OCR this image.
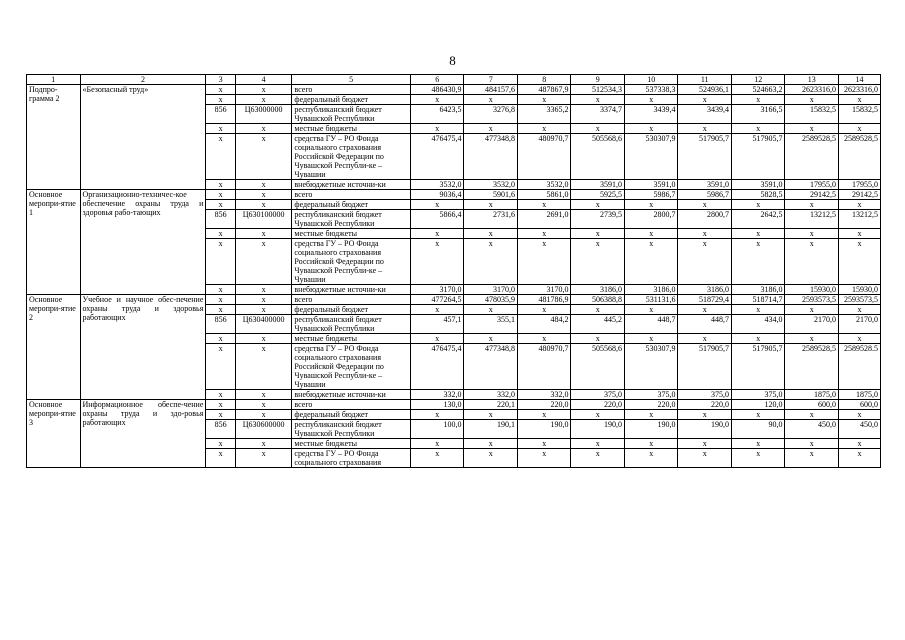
8
1	2	3	4	5	6	7	8	9	10	11	12	13	14
Подпро-грамма 2	«Безопасный труд»	х	х	всего	486430,9	484157,6	487867,9	512534,3	537338,3	524936,1	524663,2	2623316,0	2623316,0
		х	х	федеральный бюджет	х	х	х	х	х	х	х	х	х
		856	Ц63000000	республиканский бюджет Чувашской Республики	6423,5	3276,8	3365,2	3374,7	3439,4	3439,4	3166,5	15832,5	15832,5
		х	х	местные бюджеты	х	х	х	х	х	х	х	х	х
		х	х	средства ГУ – РО Фонда социального страхования Российской Федерации по Чувашской Республи-ке – Чувашии	476475,4	477348,8	480970,7	505568,6	530307,9	517905,7	517905,7	2589528,5	2589528,5
		х	х	внебюджетные источни-ки	3532,0	3532,0	3532,0	3591,0	3591,0	3591,0	3591,0	17955,0	17955,0
Основное меропри-ятие 1	Организационно-техничес-кое обеспечение охраны труда и здоровья рабо-тающих	х	х	всего	9036,4	5901,6	5861,0	5925,5	5986,7	5986,7	5828,5	29142,5	29142,5
		х	х	федеральный бюджет	х	х	х	х	х	х	х	х	х
		856	Ц630100000	республиканский бюджет Чувашской Республики	5866,4	2731,6	2691,0	2739,5	2800,7	2800,7	2642,5	13212,5	13212,5
		х	х	местные бюджеты	х	х	х	х	х	х	х	х	х
		х	х	средства ГУ – РО Фонда социального страхования Российской Федерации по Чувашской Республи-ке – Чувашии	х	х	х	х	х	х	х	х	х
		х	х	внебюджетные источни-ки	3170,0	3170,0	3170,0	3186,0	3186,0	3186,0	3186,0	15930,0	15930,0
Основное меропри-ятие 2	Учебное и научное обес-печение охраны труда и здоровья работающих	х	х	всего	477264,5	478035,9	481786,9	506388,8	531131,6	518729,4	518714,7	2593573,5	2593573,5
		х	х	федеральный бюджет	х	х	х	х	х	х	х	х	х
		856	Ц630400000	республиканский бюджет Чувашской Республики	457,1	355,1	484,2	445,2	448,7	448,7	434,0	2170,0	2170,0
		х	х	местные бюджеты	х	х	х	х	х	х	х	х	х
		х	х	средства ГУ – РО Фонда социального страхования Российской Федерации по Чувашской Республи-ке – Чувашии	476475,4	477348,8	480970,7	505568,6	530307,9	517905,7	517905,7	2589528,5	2589528.5
		х	х	внебюджетные источни-ки	332,0	332,0	332,0	375,0	375,0	375,0	375,0	1875,0	1875,0
Основное меропри-ятие 3	Информационное обеспе-чение охраны труда и здо-ровья работающих	х	х	всего	130,0	220,1	220,0	220,0	220,0	220,0	120,0	600,0	600,0
		х	х	федеральный бюджет	х	х	х	х	х	х	х	х	х
		856	Ц630600000	республиканский бюджет Чувашской Республики	100,0	190,1	190,0	190,0	190,0	190,0	90,0	450,0	450,0
		х	х	местные бюджеты	х	х	х	х	х	х	х	х	х
		х	х	средства ГУ – РО Фонда социального страхования	х	х	х	х	х	х	х	х	х
